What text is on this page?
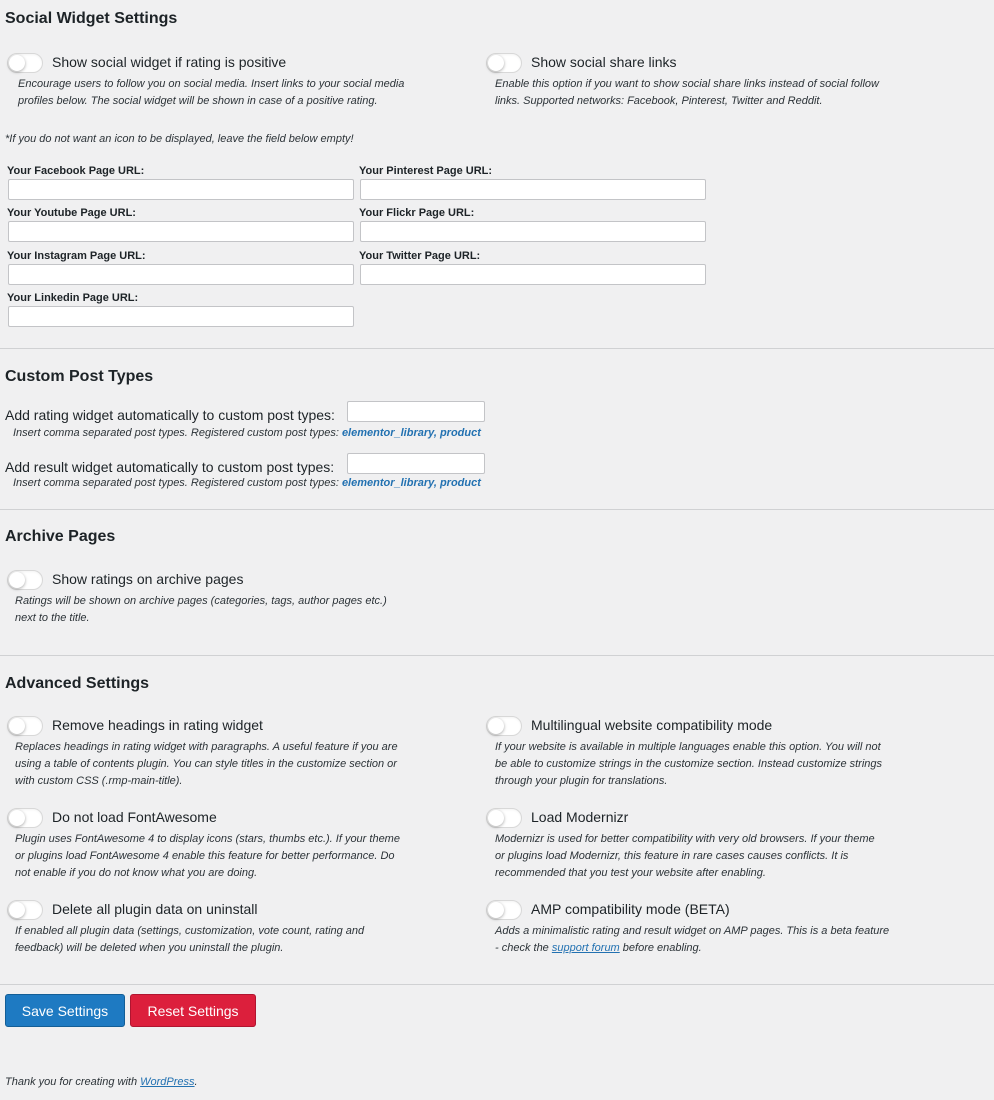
Social Widget Settings
Show social widget if rating is positive
Encourage users to follow you on social media. Insert links to your social media
profiles below. The social widget will be shown in case of a positive rating.
Show social share links
Enable this option if you want to show social share links instead of social follow
links. Supported networks: Facebook, Pinterest, Twitter and Reddit.
*If you do not want an icon to be displayed, leave the field below empty!
Your Facebook Page URL:	Your Pinterest Page URL:
Your Youtube Page URL:	Your Flickr Page URL:
Your Instagram Page URL:	Your Twitter Page URL:
Your Linkedin Page URL:
Custom Post Types
Add rating widget automatically to custom post types:
Insert comma separated post types. Registered custom post types: elementor_library, product
Add result widget automatically to custom post types:
Insert comma separated post types. Registered custom post types: elementor_library, product
Archive Pages
Show ratings on archive pages
Ratings will be shown on archive pages (categories, tags, author pages etc.)
next to the title.
Advanced Settings
Remove headings in rating widget
Replaces headings in rating widget with paragraphs. A useful feature if you are
using a table of contents plugin. You can style titles in the customize section or
with custom CSS (.rmp-main-title).
Multilingual website compatibility mode
If your website is available in multiple languages enable this option. You will not
be able to customize strings in the customize section. Instead customize strings
through your plugin for translations.
Do not load FontAwesome
Plugin uses FontAwesome 4 to display icons (stars, thumbs etc.). If your theme
or plugins load FontAwesome 4 enable this feature for better performance. Do
not enable if you do not know what you are doing.
Load Modernizr
Modernizr is used for better compatibility with very old browsers. If your theme
or plugins load Modernizr, this feature in rare cases causes conflicts. It is
recommended that you test your website after enabling.
Delete all plugin data on uninstall
If enabled all plugin data (settings, customization, vote count, rating and
feedback) will be deleted when you uninstall the plugin.
AMP compatibility mode (BETA)
Adds a minimalistic rating and result widget on AMP pages. This is a beta feature
- check the support forum before enabling.
Save Settings	Reset Settings
Thank you for creating with WordPress.
